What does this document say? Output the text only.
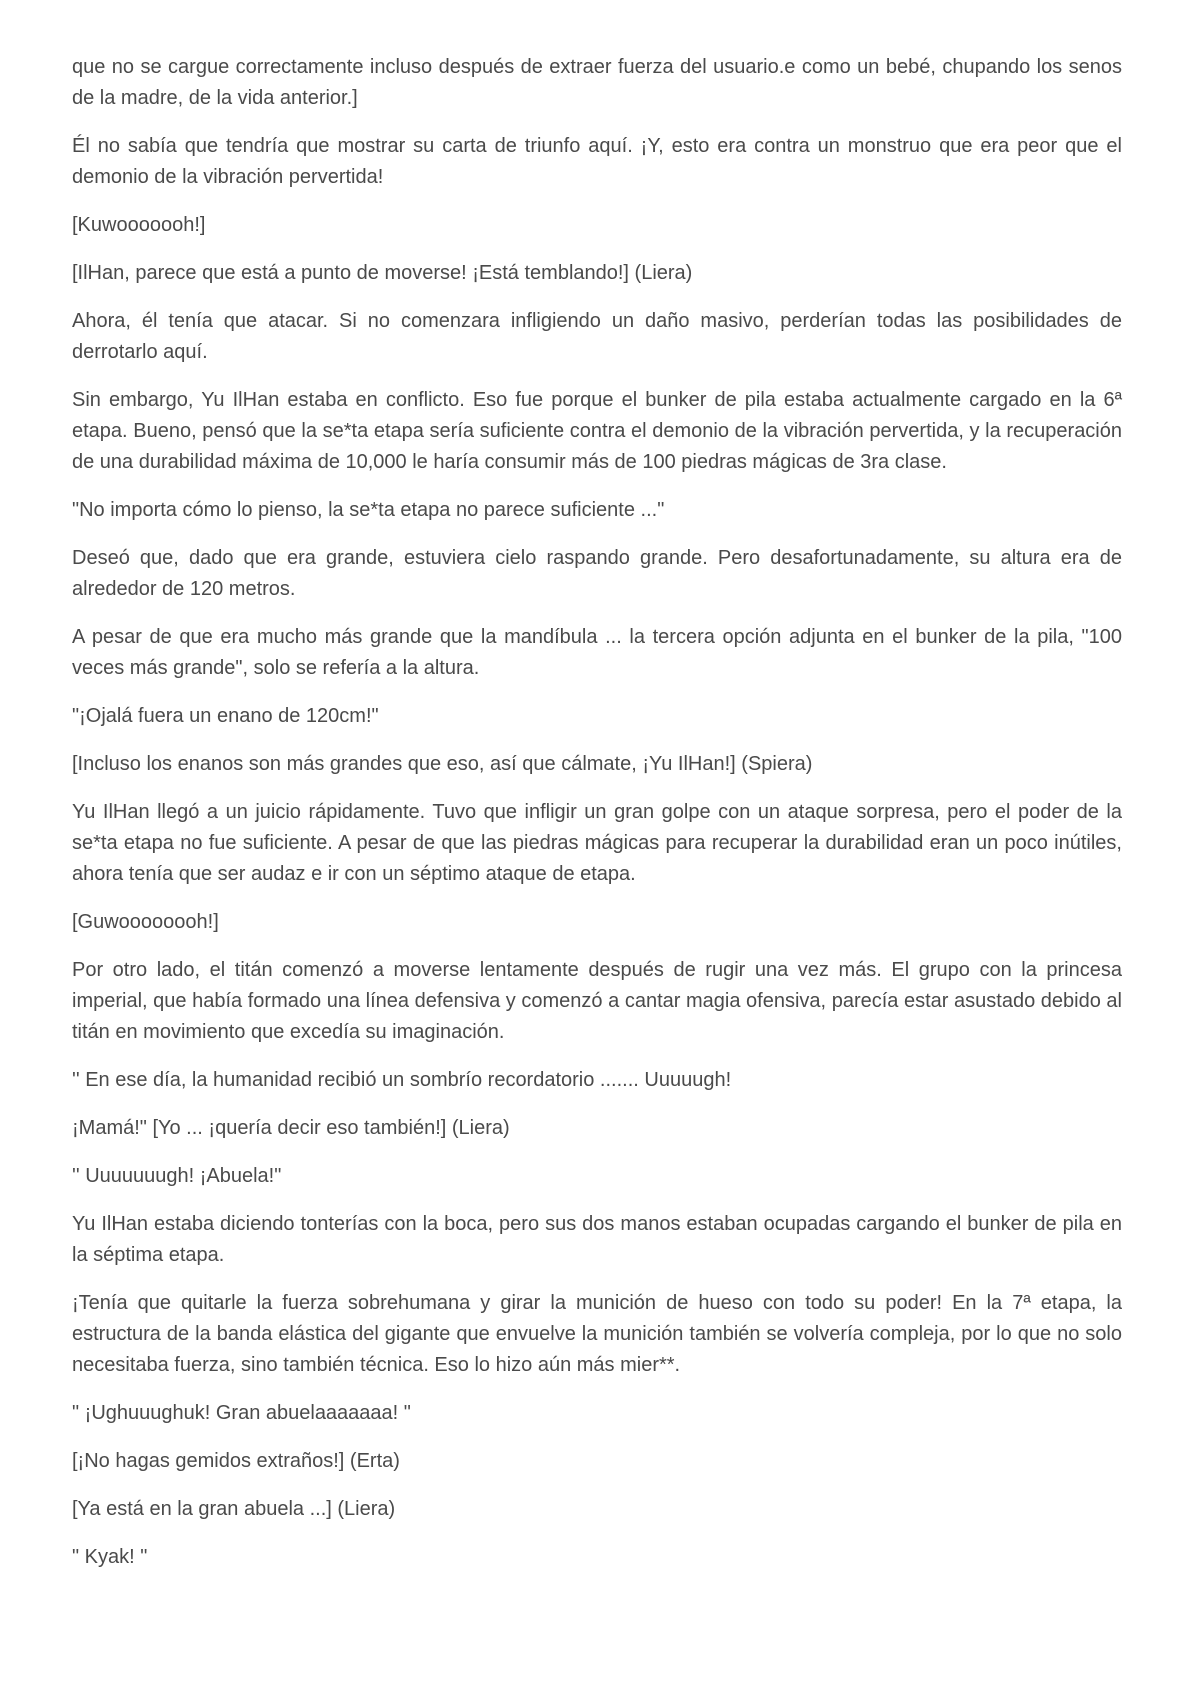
que no se cargue correctamente incluso después de extraer fuerza del usuario.e como un bebé, chupando los senos de la madre, de la vida anterior.]

Él no sabía que tendría que mostrar su carta de triunfo aquí. ¡Y, esto era contra un monstruo que era peor que el demonio de la vibración pervertida!

[Kuwooooooh!]

[IlHan, parece que está a punto de moverse! ¡Está temblando!] (Liera)

Ahora, él tenía que atacar. Si no comenzara infligiendo un daño masivo, perderían todas las posibilidades de derrotarlo aquí.

Sin embargo, Yu IlHan estaba en conflicto. Eso fue porque el bunker de pila estaba actualmente cargado en la 6ª etapa. Bueno, pensó que la se*ta etapa sería suficiente contra el demonio de la vibración pervertida, y la recuperación de una durabilidad máxima de 10,000 le haría consumir más de 100 piedras mágicas de 3ra clase.

"No importa cómo lo pienso, la se*ta etapa no parece suficiente ..."

Deseó que, dado que era grande, estuviera cielo raspando grande. Pero desafortunadamente, su altura era de alrededor de 120 metros.

A pesar de que era mucho más grande que la mandíbula ... la tercera opción adjunta en el bunker de la pila, "100 veces más grande", solo se refería a la altura.

"¡Ojalá fuera un enano de 120cm!"

[Incluso los enanos son más grandes que eso, así que cálmate, ¡Yu IlHan!] (Spiera)

Yu IlHan llegó a un juicio rápidamente. Tuvo que infligir un gran golpe con un ataque sorpresa, pero el poder de la se*ta etapa no fue suficiente. A pesar de que las piedras mágicas para recuperar la durabilidad eran un poco inútiles, ahora tenía que ser audaz e ir con un séptimo ataque de etapa.

[Guwoooooooh!]

Por otro lado, el titán comenzó a moverse lentamente después de rugir una vez más. El grupo con la princesa imperial, que había formado una línea defensiva y comenzó a cantar magia ofensiva, parecía estar asustado debido al titán en movimiento que excedía su imaginación.

'' En ese día, la humanidad recibió un sombrío recordatorio ....... Uuuuugh!

¡Mamá!" [Yo ... ¡quería decir eso también!] (Liera)

'' Uuuuuuugh! ¡Abuela!"

Yu IlHan estaba diciendo tonterías con la boca, pero sus dos manos estaban ocupadas cargando el bunker de pila en la séptima etapa.

¡Tenía que quitarle la fuerza sobrehumana y girar la munición de hueso con todo su poder! En la 7ª etapa, la estructura de la banda elástica del gigante que envuelve la munición también se volvería compleja, por lo que no solo necesitaba fuerza, sino también técnica. Eso lo hizo aún más mier**.

" ¡Ughuuughuk! Gran abuelaaaaaaa! "

[¡No hagas gemidos extraños!] (Erta)

[Ya está en la gran abuela ...] (Liera)

" Kyak! "
